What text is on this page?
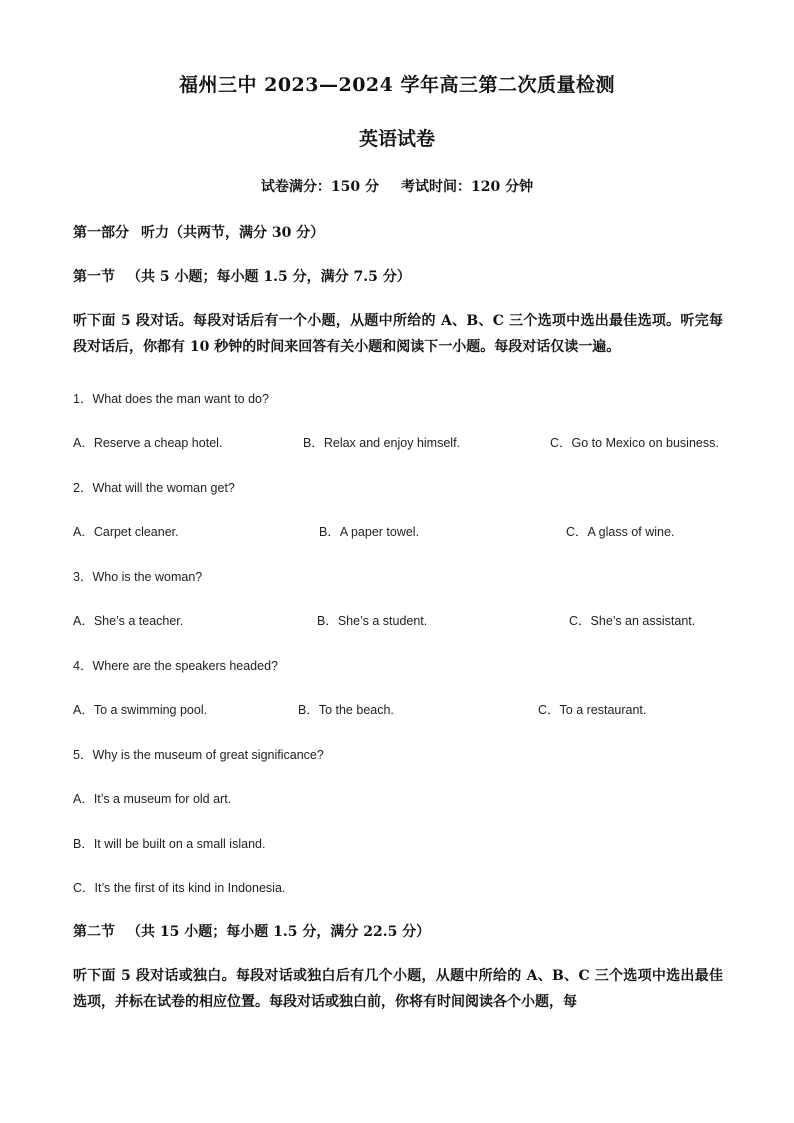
福州三中 2023—2024 学年高三第二次质量检测
英语试卷
试卷满分：150 分 考试时间：120 分钟
第一部分 听力（共两节，满分 30 分）
第一节 （共 5 小题；每小题 1.5 分，满分 7.5 分）
听下面 5 段对话。每段对话后有一个小题，从题中所给的 A、B、C 三个选项中选出最佳选项。听完每段对话后，你都有 10 秒钟的时间来回答有关小题和阅读下一小题。每段对话仅读一遍。
1．What does the man want to do?
A．Reserve a cheap hotel.	B．Relax and enjoy himself.	C．Go to Mexico on business.
2．What will the woman get?
A．Carpet cleaner.	B．A paper towel.	C．A glass of wine.
3．Who is the woman?
A．She’s a teacher.	B．She’s a student.	C．She’s an assistant.
4．Where are the speakers headed?
A．To a swimming pool.	B．To the beach.	C．To a restaurant.
5．Why is the museum of great significance?
A．It’s a museum for old art.
B．It will be built on a small island.
C．It’s the first of its kind in Indonesia.
第二节 （共 15 小题；每小题 1.5 分，满分 22.5 分）
听下面 5 段对话或独白。每段对话或独白后有几个小题，从题中所给的 A、B、C 三个选项中选出最佳选项，并标在试卷的相应位置。每段对话或独白前，你将有时间阅读各个小题，每
